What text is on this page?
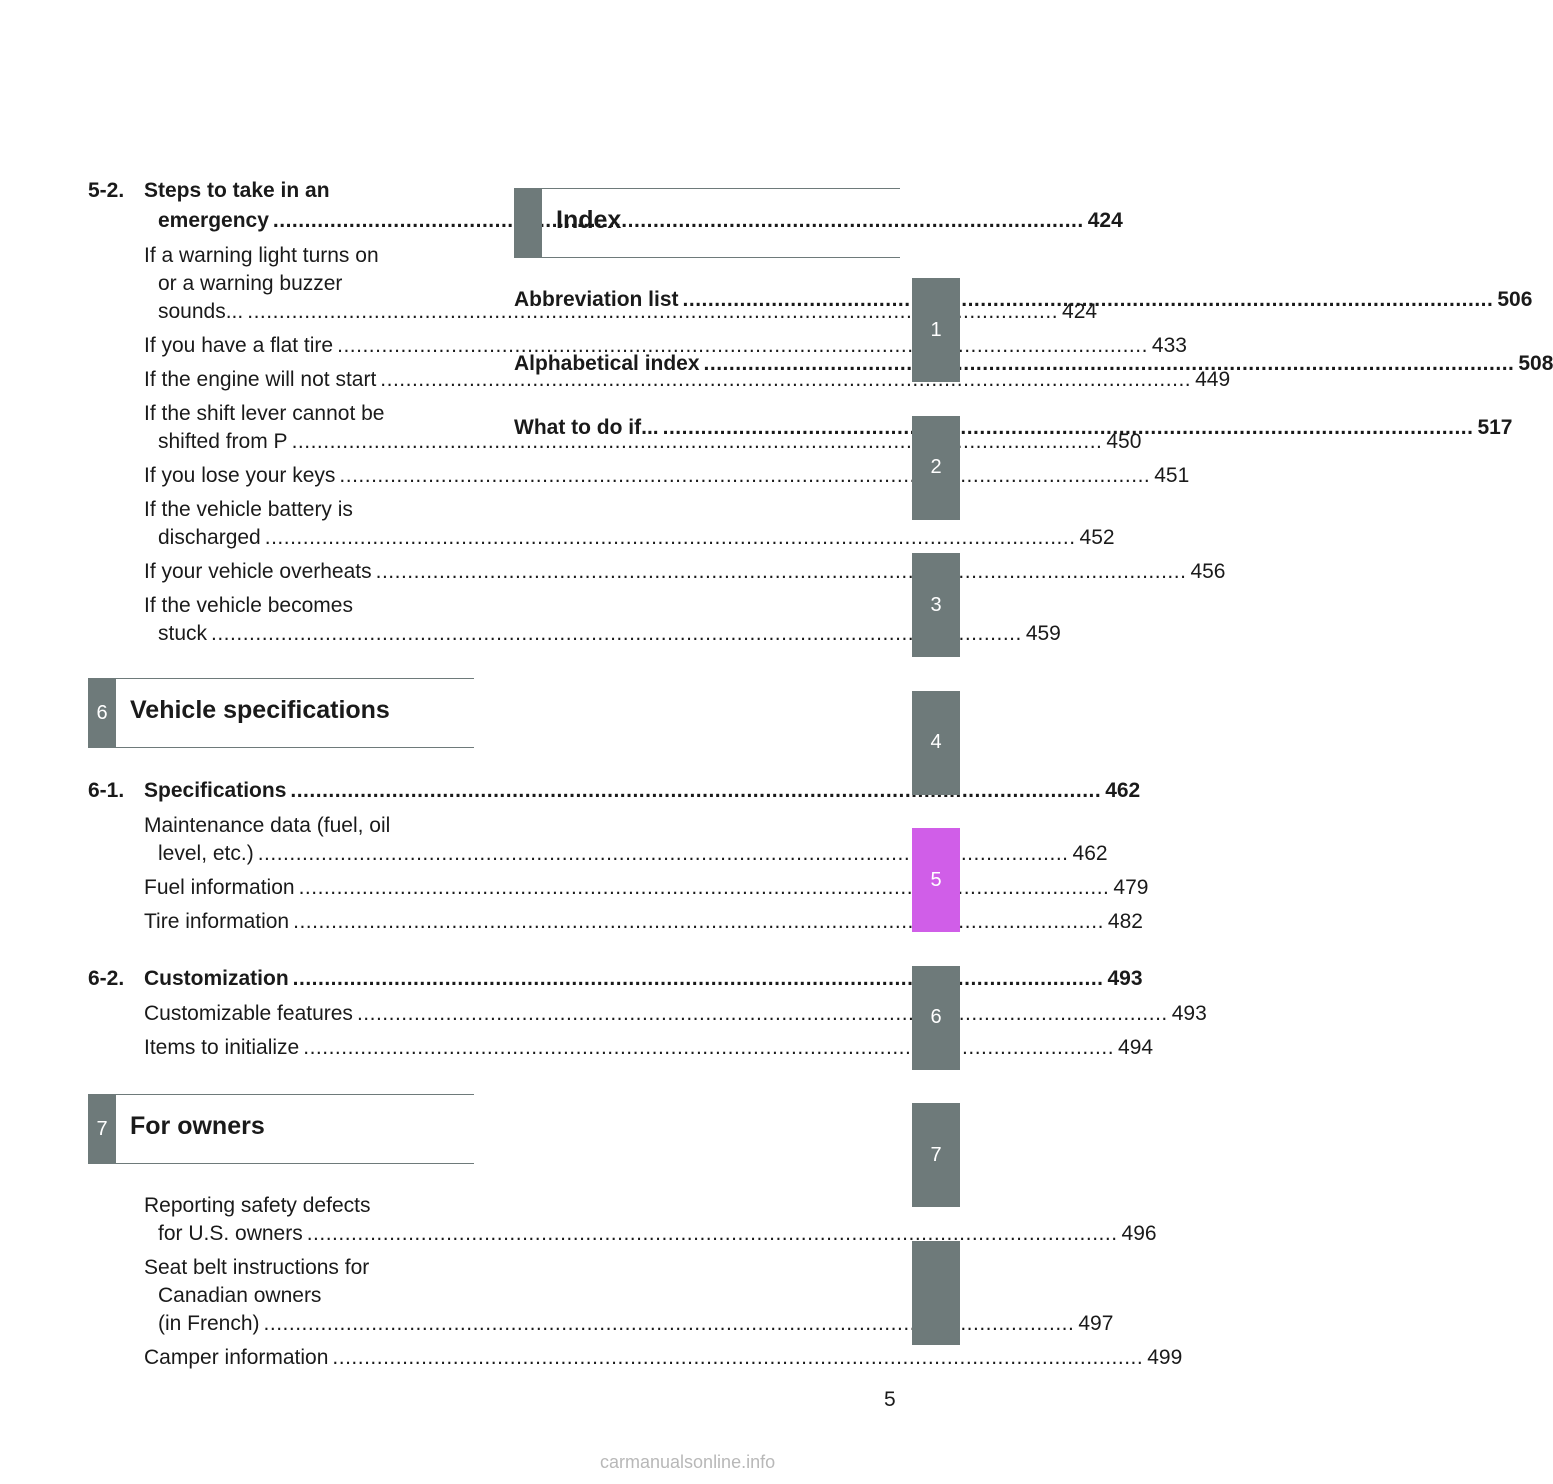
5-2. Steps to take in an
emergency .....	424
If a warning light turns on
or a warning buzzer
sounds... .....	424
If you have a flat tire .....	433
If the engine will not start .....	449
If the shift lever cannot be
shifted from P .....	450
If you lose your keys .....	451
If the vehicle battery is
discharged .....	452
If your vehicle overheats .....	456
If the vehicle becomes
stuck .....	459
6 Vehicle specifications
6-1. Specifications .....	462
Maintenance data (fuel, oil
level, etc.) .....	462
Fuel information .....	479
Tire information .....	482
6-2. Customization .....	493
Customizable features .....	493
Items to initialize .....	494
7 For owners
Reporting safety defects
for U.S. owners .....	496
Seat belt instructions for
Canadian owners
(in French) .....	497
Camper information .....	499
Index
Abbreviation list .....	506
Alphabetical index .....	508
What to do if... .....	517
1
2
3
4
5
6
7
5
carmanualsonline.info
